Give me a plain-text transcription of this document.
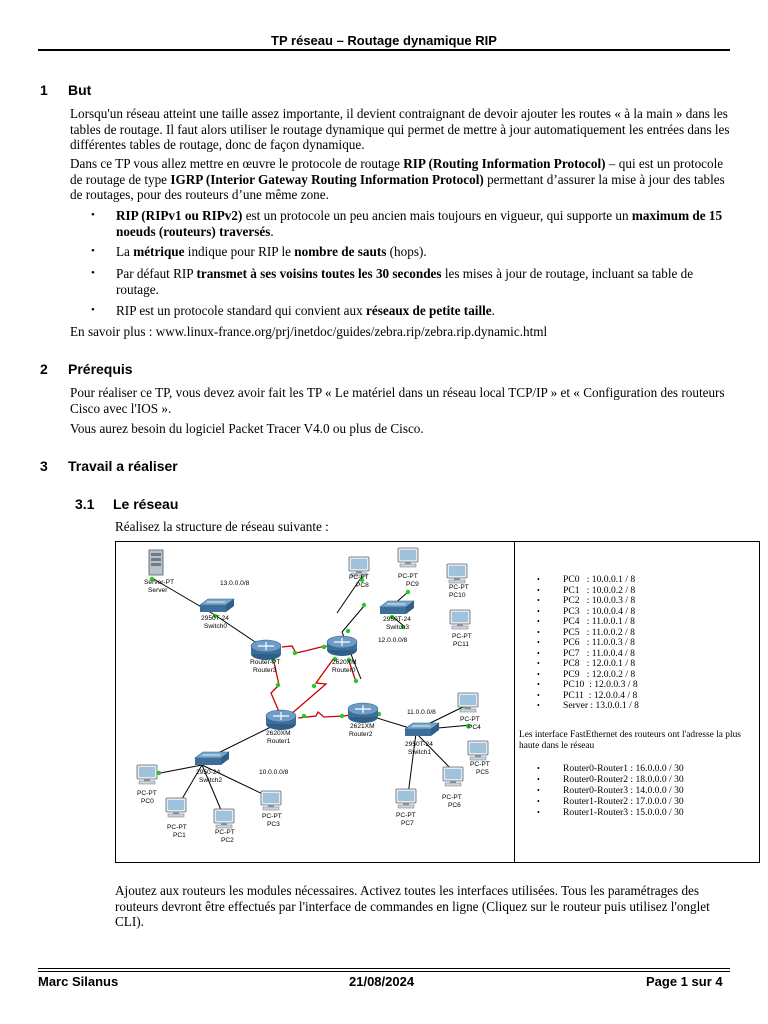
TP réseau – Routage dynamique RIP
1 But
Lorsqu'un réseau atteint une taille assez importante, il devient contraignant de devoir ajouter les routes « à la main » dans les tables de routage. Il faut alors utiliser le routage dynamique qui permet de mettre à jour automatiquement les entrées dans les différentes tables de routage, donc de façon dynamique.
Dans ce TP vous allez mettre en œuvre le protocole de routage RIP (Routing Information Protocol) – qui est un protocole de routage de type IGRP (Interior Gateway Routing Information Protocol) permettant d’assurer la mise à jour des tables de routages, pour des routeurs d’une même zone.
• RIP (RIPv1 ou RIPv2) est un protocole un peu ancien mais toujours en vigueur, qui supporte un maximum de 15 noeuds (routeurs) traversés.
• La métrique indique pour RIP le nombre de sauts (hops).
• Par défaut RIP transmet à ses voisins toutes les 30 secondes les mises à jour de routage, incluant sa table de routage.
• RIP est un protocole standard qui convient aux réseaux de petite taille.
En savoir plus : www.linux-france.org/prj/inetdoc/guides/zebra.rip/zebra.rip.dynamic.html
2 Prérequis
Pour réaliser ce TP, vous devez avoir fait les TP « Le matériel dans un réseau local TCP/IP » et « Configuration des routeurs Cisco avec l'IOS ».
Vous aurez besoin du logiciel Packet Tracer V4.0 ou plus de Cisco.
3 Travail a réaliser
3.1 Le réseau
Réalisez la structure de réseau suivante :
Server-PT
Server
13.0.0.0/8
2950T-24
Switch0
Router-PT
Router3
2620XM
Router0
2620XM
Router1
2621XM
Router2
2950T-24
Switch3
12.0.0.0/8
2950T-24
Switch1
11.0.0.0/8
2950-24
Switch2
10.0.0.0/8
PC-PT
PC8
PC-PT
PC9	PC-PT
PC10
PC-PT
PC11
PC-PT
PC4
PC-PT
PC5
PC-PT
PC6
PC-PT
PC7
PC-PT
PC0
PC-PT
PC1	PC-PT
PC2
PC-PT
PC3
• PC0   : 10.0.0.1 / 8
• PC1   : 10.0.0.2 / 8
• PC2   : 10.0.0.3 / 8
• PC3   : 10.0.0.4 / 8
• PC4   : 11.0.0.1 / 8
• PC5   : 11.0.0.2 / 8
• PC6   : 11.0.0.3 / 8
• PC7   : 11.0.0.4 / 8
• PC8   : 12.0.0.1 / 8
• PC9   : 12.0.0.2 / 8
• PC10  : 12.0.0.3 / 8
• PC11  : 12.0.0.4 / 8
• Server : 13.0.0.1 / 8
Les interface FastEthernet des routeurs ont l'adresse la plus haute dans le réseau
• Router0-Router1 : 16.0.0.0 / 30
• Router0-Router2 : 18.0.0.0 / 30
• Router0-Router3 : 14.0.0.0 / 30
• Router1-Router2 : 17.0.0.0 / 30
• Router1-Router3 : 15.0.0.0 / 30
Ajoutez aux routeurs les modules nécessaires. Activez toutes les interfaces utilisées. Tous les paramétrages des routeurs devront être effectués par l'interface de commandes en ligne (Cliquez sur le routeur puis utilisez l'onglet CLI).
Marc Silanus	21/08/2024	Page 1 sur 4
